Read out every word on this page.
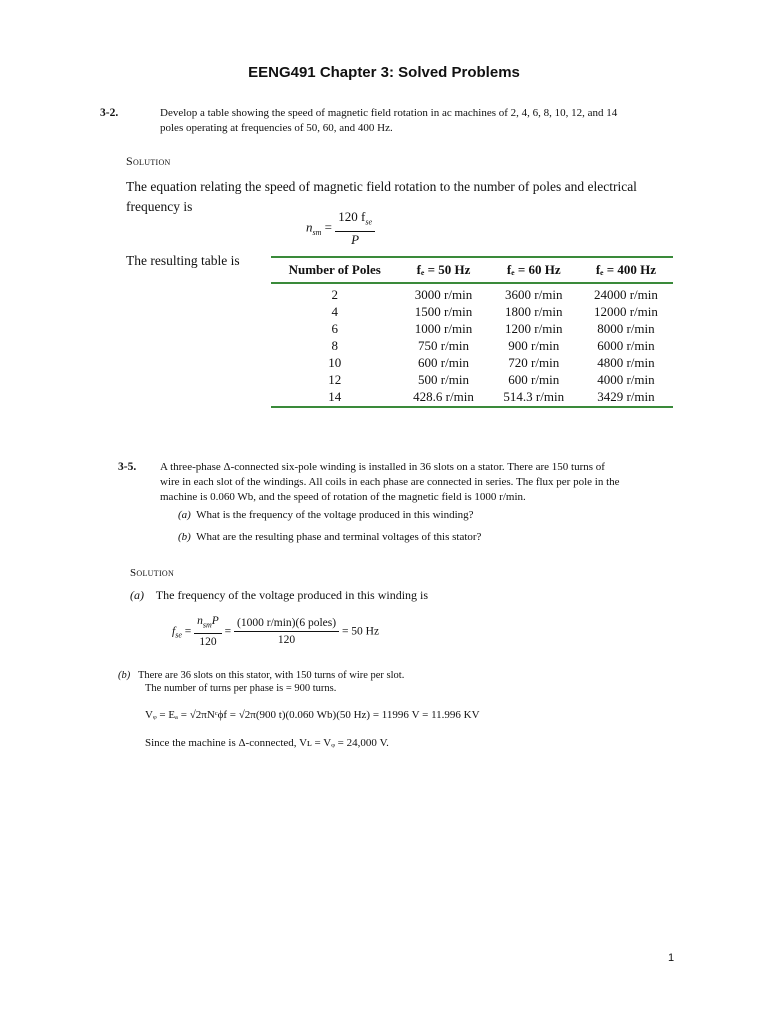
EENG491 Chapter 3: Solved Problems
3-2.	Develop a table showing the speed of magnetic field rotation in ac machines of 2, 4, 6, 8, 10, 12, and 14
poles operating at frequencies of 50, 60, and 400 Hz.
Solution
The equation relating the speed of magnetic field rotation to the number of poles and electrical
frequency is
$n_{sm} = \frac{120 f_{se}}{P}$
The resulting table is
Number of Poles	fₑ = 50 Hz	fₑ = 60 Hz	fₑ = 400 Hz
2	3000 r/min	3600 r/min	24000 r/min
4	1500 r/min	1800 r/min	12000 r/min
6	1000 r/min	1200 r/min	8000 r/min
8	750 r/min	900 r/min	6000 r/min
10	600 r/min	720 r/min	4800 r/min
12	500 r/min	600 r/min	4000 r/min
14	428.6 r/min	514.3 r/min	3429 r/min
3-5. A three-phase Δ-connected six-pole winding is installed in 36 slots on a stator. There are 150 turns of
wire in each slot of the windings. All coils in each phase are connected in series. The flux per pole in the
machine is 0.060 Wb, and the speed of rotation of the magnetic field is 1000 r/min.
(a) What is the frequency of the voltage produced in this winding?
(b) What are the resulting phase and terminal voltages of this stator?
Solution
(a) The frequency of the voltage produced in this winding is
$f_{se} = \frac{n_{sm}P}{120} = \frac{\text{(1000 r/min)(6 poles)}}{120} = 50$ Hz
(b) There are 36 slots on this stator, with 150 turns of wire per slot.
The number of turns per phase is = 900 turns.
Vᵩ = Eₐ = √2πNᶜϕf = √2π(900 t)(0.060 Wb)(50 Hz) = 11996 V = 11.996 KV
Since the machine is Δ-connected, Vʟ = Vᵩ = 24,000 V.
1
